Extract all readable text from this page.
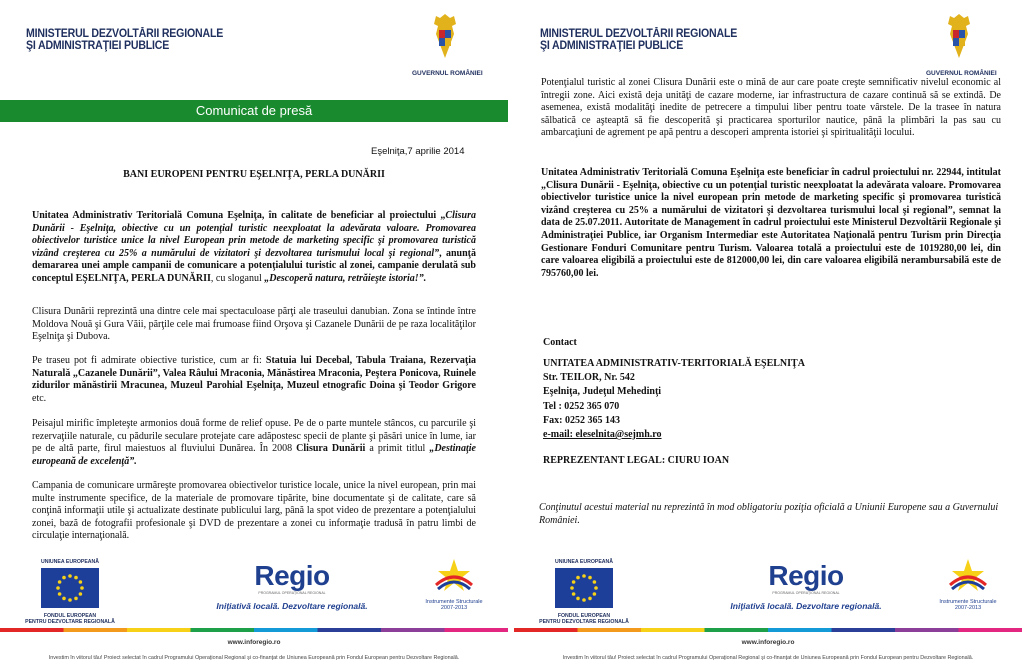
MINISTERUL DEZVOLTĂRII REGIONALE
ŞI ADMINISTRAŢIEI PUBLICE
GUVERNUL ROMÂNIEI
Comunicat de presă
Eşelniţa,7 aprilie 2014
BANI EUROPENI PENTRU EŞELNIŢA, PERLA DUNĂRII
Unitatea Administrativ Teritorială Comuna Eşelniţa, în calitate de beneficiar al proiectului „Clisura Dunării - Eşelniţa, obiective cu un potenţial turistic neexploatat la adevărata valoare. Promovarea obiectivelor turistice unice la nivel European prin metode de marketing specific şi promovarea turistică vizând creşterea cu 25% a numărului de vizitatori şi dezvoltarea turismului local şi regional”, anunţă demararea unei ample campanii de comunicare a potenţialului turistic al zonei, campanie derulată sub conceptul EŞELNIŢA, PERLA DUNĂRII, cu sloganul „Descoperă natura, retrăieşte istoria!”.
Clisura Dunării reprezintă una dintre cele mai spectaculoase părţi ale traseului danubian. Zona se întinde între Moldova Nouă şi Gura Văii, părţile cele mai frumoase fiind Orşova şi Cazanele Dunării de pe raza localităţilor Eşelniţa şi Dubova.
Pe traseu pot fi admirate obiective turistice, cum ar fi: Statuia lui Decebal, Tabula Traiana, Rezervaţia Naturală „Cazanele Dunării”, Valea Râului Mraconia, Mănăstirea Mraconia, Peştera Ponicova, Ruinele zidurilor mănăstirii Mracunea, Muzeul Parohial Eşelniţa, Muzeul etnografic Doina şi Teodor Grigore etc.
Peisajul mirific împleteşte armonios două forme de relief opuse. Pe de o parte muntele stâncos, cu parcurile şi rezervaţiile naturale, cu pădurile seculare protejate care adăpostesc specii de plante şi păsări unice în lume, iar pe de altă parte, firul maiestuos al fluviului Dunărea. În 2008 Clisura Dunării a primit titlul „Destinaţie europeană de excelenţă”.
Campania de comunicare urmăreşte promovarea obiectivelor turistice locale, unice la nivel european, prin mai multe instrumente specifice, de la materiale de promovare tipărite, bine documentate şi de calitate, care să conţină informaţii utile şi actualizate destinate publicului larg, până la spot video de prezentare a potenţialului zonei, bază de fotografii profesionale şi DVD de prezentare a zonei cu informaţie tradusă în patru limbi de circulaţie internaţională.
UNIUNEA EUROPEANĂ
FONDUL EUROPEAN
PENTRU DEZVOLTARE REGIONALĂ
Regio
PROGRAMUL OPERAŢIONAL REGIONAL
Iniţiativă locală. Dezvoltare regională.	Instrumente Structurale
2007-2013
www.inforegio.ro
Investim în viitorul tău! Proiect selectat în cadrul Programului Operaţional Regional şi co-finanţat de Uniunea Europeană prin Fondul European pentru Dezvoltare Regională.
MINISTERUL DEZVOLTĂRII REGIONALE
ŞI ADMINISTRAŢIEI PUBLICE
GUVERNUL ROMÂNIEI
Potenţialul turistic al zonei Clisura Dunării este o mină de aur care poate creşte semnificativ nivelul economic al întregii zone. Aici există deja unităţi de cazare moderne, iar infrastructura de cazare continuă să se extindă. De asemenea, există modalităţi inedite de petrecere a timpului liber pentru toate vârstele. De la trasee în natura sălbatică ce aşteaptă să fie descoperită şi practicarea sporturilor nautice, până la plimbări la pas sau cu ambarcaţiuni de agrement pe apă pentru a descoperi amprenta istoriei şi spiritualităţii locului.
Unitatea Administrativ Teritorială Comuna Eşelniţa este beneficiar în cadrul proiectului nr. 22944, intitulat „Clisura Dunării - Eşelniţa, obiective cu un potenţial turistic neexploatat la adevărata valoare. Promovarea obiectivelor turistice unice la nivel european prin metode de marketing specific şi promovarea turistică vizând creşterea cu 25% a numărului de vizitatori şi dezvoltarea turismului local şi regional”, semnat la data de 25.07.2011. Autoritate de Management în cadrul proiectului este Ministerul Dezvoltării Regionale şi Administraţiei Publice, iar Organism Intermediar este Autoritatea Naţională pentru Turism prin Direcţia Gestionare Fonduri Comunitare pentru Turism. Valoarea totală a proiectului este de 1019280,00 lei, din care valoarea eligibilă a proiectului este de 812000,00 lei, din care valoarea eligibilă nerambursabilă este de 795760,00 lei.
Contact
UNITATEA ADMINISTRATIV-TERITORIALĂ EŞELNIŢA
Str. TEILOR, Nr. 542
Eşelniţa, Judeţul Mehedinţi
Tel : 0252 365 070
Fax: 0252 365 143
e-mail: eleselnita@sejmh.ro
REPREZENTANT LEGAL: CIURU IOAN
Conţinutul acestui material nu reprezintă în mod obligatoriu poziţia oficială a Uniunii Europene sau a Guvernului României.
UNIUNEA EUROPEANĂ
FONDUL EUROPEAN
PENTRU DEZVOLTARE REGIONALĂ
Regio
PROGRAMUL OPERAŢIONAL REGIONAL
Iniţiativă locală. Dezvoltare regională.	Instrumente Structurale
2007-2013
www.inforegio.ro
Investim în viitorul tău! Proiect selectat în cadrul Programului Operaţional Regional şi co-finanţat de Uniunea Europeană prin Fondul European pentru Dezvoltare Regională.
